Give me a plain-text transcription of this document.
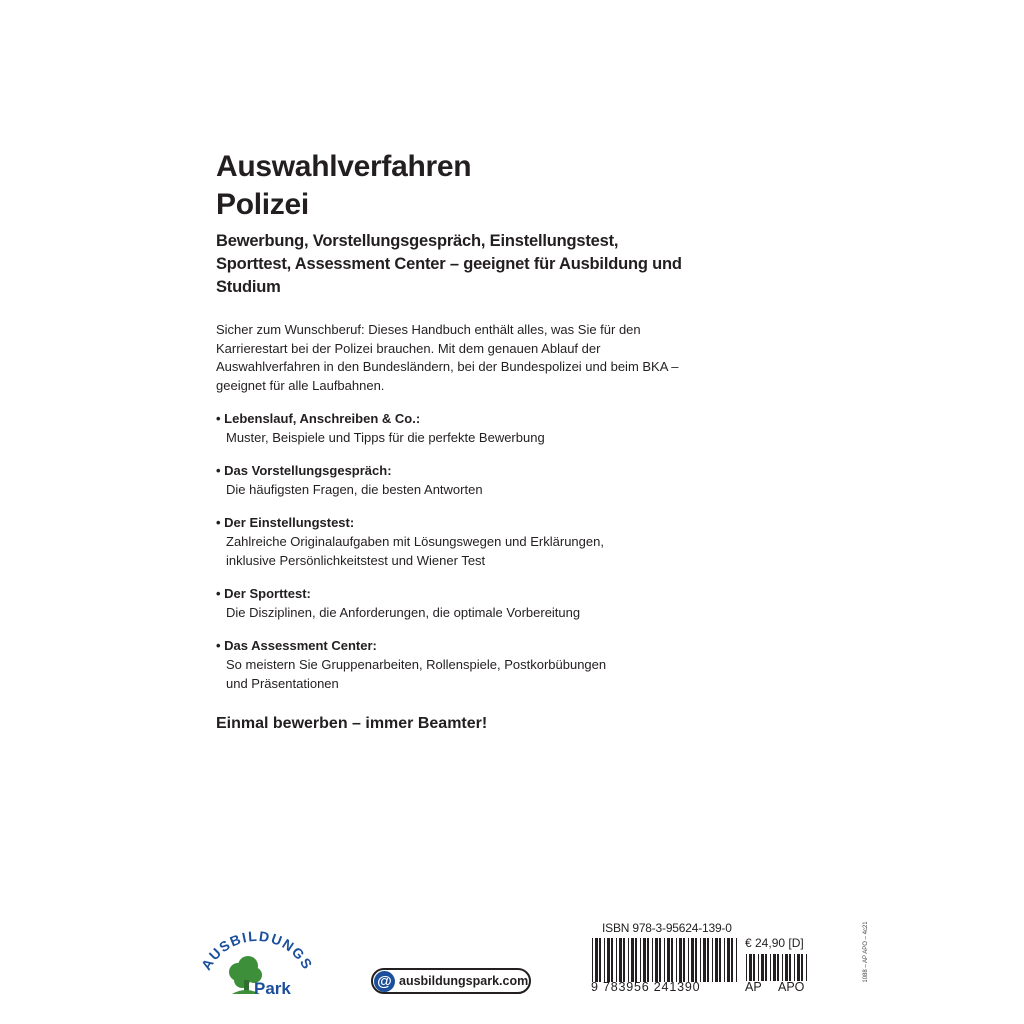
Auswahlverfahren
Polizei

Bewerbung, Vorstellungsgespräch, Einstellungstest, Sporttest, Assessment Center – geeignet für Ausbildung und Studium

Sicher zum Wunschberuf: Dieses Handbuch enthält alles, was Sie für den Karrierestart bei der Polizei brauchen. Mit dem genauen Ablauf der Auswahlverfahren in den Bundesländern, bei der Bundespolizei und beim BKA – geeignet für alle Laufbahnen.

• Lebenslauf, Anschreiben & Co.:
Muster, Beispiele und Tipps für die perfekte Bewerbung
• Das Vorstellungsgespräch:
Die häufigsten Fragen, die besten Antworten
• Der Einstellungstest:
Zahlreiche Originalaufgaben mit Lösungswegen und Erklärungen,
inklusive Persönlichkeitstest und Wiener Test
• Der Sporttest:
Die Disziplinen, die Anforderungen, die optimale Vorbereitung
• Das Assessment Center:
So meistern Sie Gruppenarbeiten, Rollenspiele, Postkorbübungen
und Präsentationen

Einmal bewerben – immer Beamter!

AUSBILDUNGS
Park	@ ausbildungspark.com
ISBN 978-3-95624-139-0
9 783956 241390
€ 24,90 [D]
AP APO
1088 – AP APO – 4c21
